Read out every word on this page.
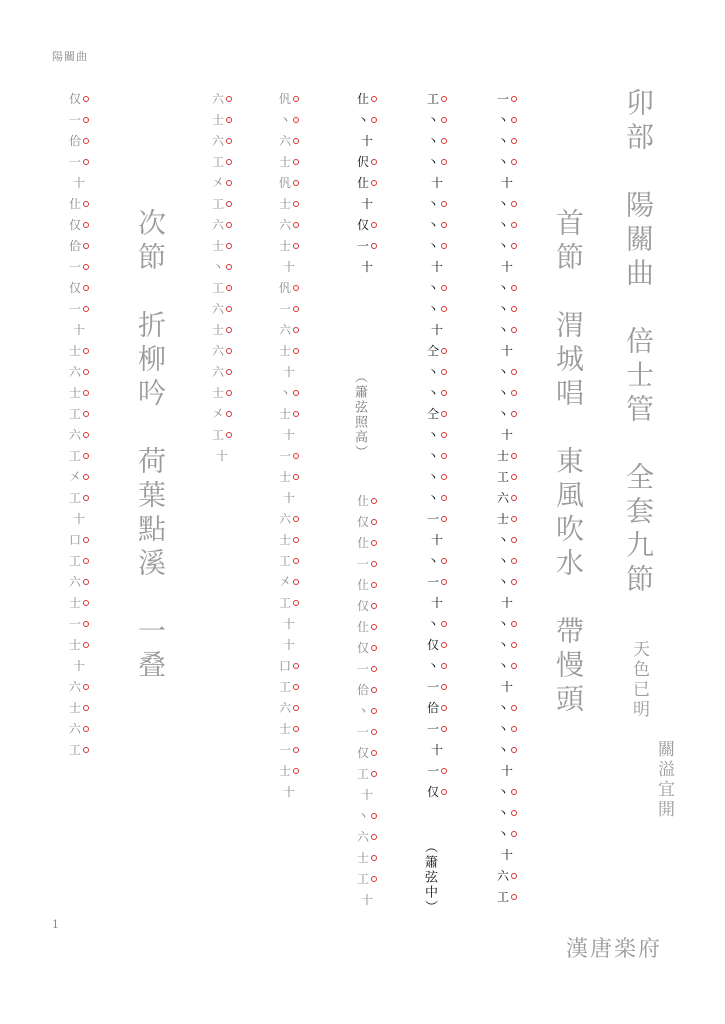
陽關曲
1
卯部　陽關曲　倍士管　全套九節
首節　渭城唱　東風吹水　帶慢頭
次節　折柳吟　荷葉點溪　一叠	天色已明
關溢宜開
漢唐楽府
（簫弦照高）
（簫弦中）
一
丶
丶
丶
十
丶
丶
丶
十
丶
丶
丶
十
丶
丶
丶
十
士
工
六
士
丶
丶
丶
十
丶
丶
丶
十
丶
丶
丶
十
丶
丶
丶
十
六
工
工
丶
丶
丶
十
丶
丶
丶
十
丶
丶
十
仝
丶
丶
仝
丶
丶
丶
丶
一
十
丶
一
十
丶
仅
丶
一
佮
一
十
一
仅
仩
丶
十
伬
仩
十
仅
一
十
仩
仅
仩
一
仩
仅
仩
仅
一
佮
丶
一
仅
工
十
丶
六
士
工
十
𠆩
丶
六
士
𠆩
士
六
士
十
𠆩
一
六
士
十
丶
士
十
一
士
十
六
士
工
㐅
工
十
十
口
工
六
士
一
士
十
六
士
六
工
㐅
工
六
士
丶
工
六
士
六
六
士
㐅
工
十
仅
一
佮
一
十
仩
仅
佮
一
仅
一
十
士
六
士
工
六
工
㐅
工
十
口
工
六
士
一
士
十
六
士
六
工
